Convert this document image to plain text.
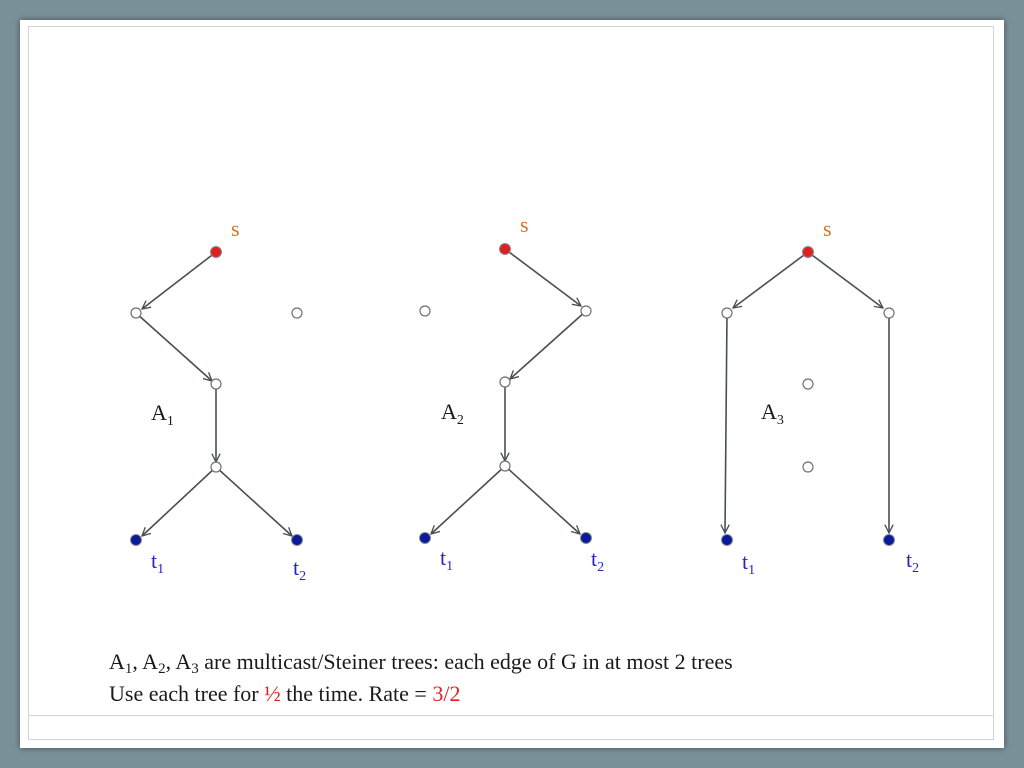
s
$A_1$
$t_1$	$t_2$
s
$A_2$
$t_1$	$t_2$
s
$A_3$
$t_1$	$t_2$
$A_1$, $A_2$, $A_3$ are multicast/Steiner trees: each edge of G in at most 2 trees
Use each tree for ½ the time. Rate = 3/2
